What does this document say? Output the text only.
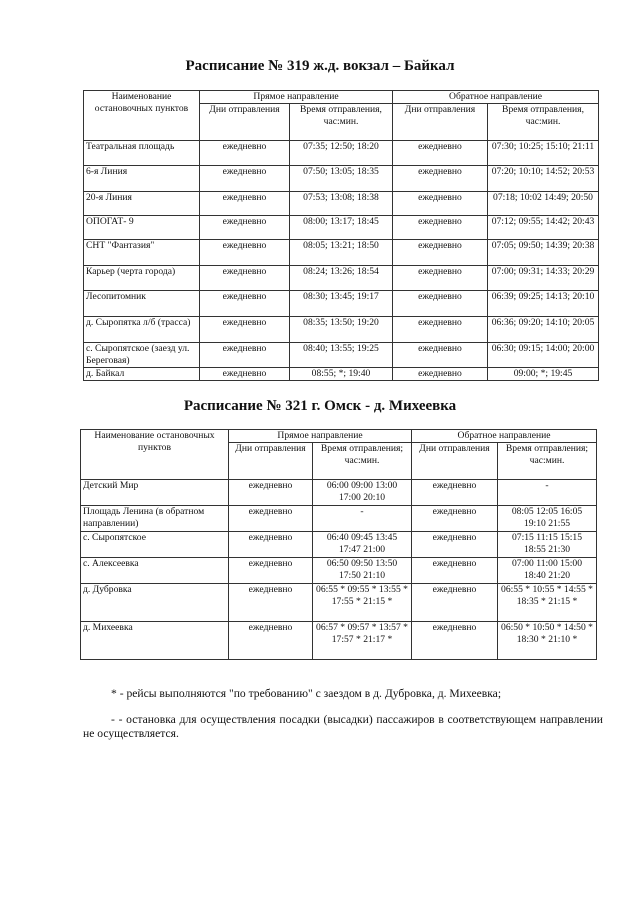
Расписание № 319 ж.д. вокзал – Байкал
Наименование остановочных пунктов	Прямое направление		Обратное направление	
	Дни отправления	Время отправления, час:мин.	Дни отправления	Время отправления, час:мин.
Театральная площадь	ежедневно	07:35; 12:50; 18:20	ежедневно	07:30; 10:25; 15:10; 21:11
6-я Линия	ежедневно	07:50; 13:05; 18:35	ежедневно	07:20; 10:10; 14:52; 20:53
20-я Линия	ежедневно	07:53; 13:08; 18:38	ежедневно	07:18; 10:02 14:49; 20:50
ОПОГАТ- 9	ежедневно	08:00; 13:17; 18:45	ежедневно	07:12; 09:55; 14:42; 20:43
СНТ "Фантазия"	ежедневно	08:05; 13:21; 18:50	ежедневно	07:05; 09:50; 14:39; 20:38
Карьер (черта города)	ежедневно	08:24; 13:26; 18:54	ежедневно	07:00; 09:31; 14:33; 20:29
Лесопитомник	ежедневно	08:30; 13:45; 19:17	ежедневно	06:39; 09:25; 14:13; 20:10
д. Сыропятка л/б (трасса)	ежедневно	08:35; 13:50; 19:20	ежедневно	06:36; 09:20; 14:10; 20:05
с. Сыропятское (заезд ул. Береговая)	ежедневно	08:40; 13:55; 19:25	ежедневно	06:30; 09:15; 14:00; 20:00
д. Байкал	ежедневно	08:55; *; 19:40	ежедневно	09:00; *; 19:45
Расписание № 321 г. Омск - д. Михеевка
Наименование остановочных пунктов	Прямое направление		Обратное направление	
	Дни отправления	Время отправления; час:мин.	Дни отправления	Время отправления; час:мин.
Детский Мир	ежедневно	06:00 09:00 13:00 17:00 20:10	ежедневно	-
Площадь Ленина (в обратном направлении)	ежедневно	-	ежедневно	08:05 12:05 16:05 19:10 21:55
с. Сыропятское	ежедневно	06:40 09:45 13:45 17:47 21:00	ежедневно	07:15 11:15 15:15 18:55 21:30
с. Алексеевка	ежедневно	06:50 09:50 13:50 17:50 21:10	ежедневно	07:00 11:00 15:00 18:40 21:20
д. Дубровка	ежедневно	06:55 * 09:55 * 13:55 * 17:55 * 21:15 *	ежедневно	06:55 * 10:55 * 14:55 * 18:35 * 21:15 *
д. Михеевка	ежедневно	06:57 * 09:57 * 13:57 * 17:57 * 21:17 *	ежедневно	06:50 * 10:50 * 14:50 * 18:30 * 21:10 *
* - рейсы выполняются "по требованию" с заездом в д. Дубровка, д. Михеевка;
- - остановка для осуществления посадки (высадки) пассажиров в соответствующем направлении не осуществляется.
